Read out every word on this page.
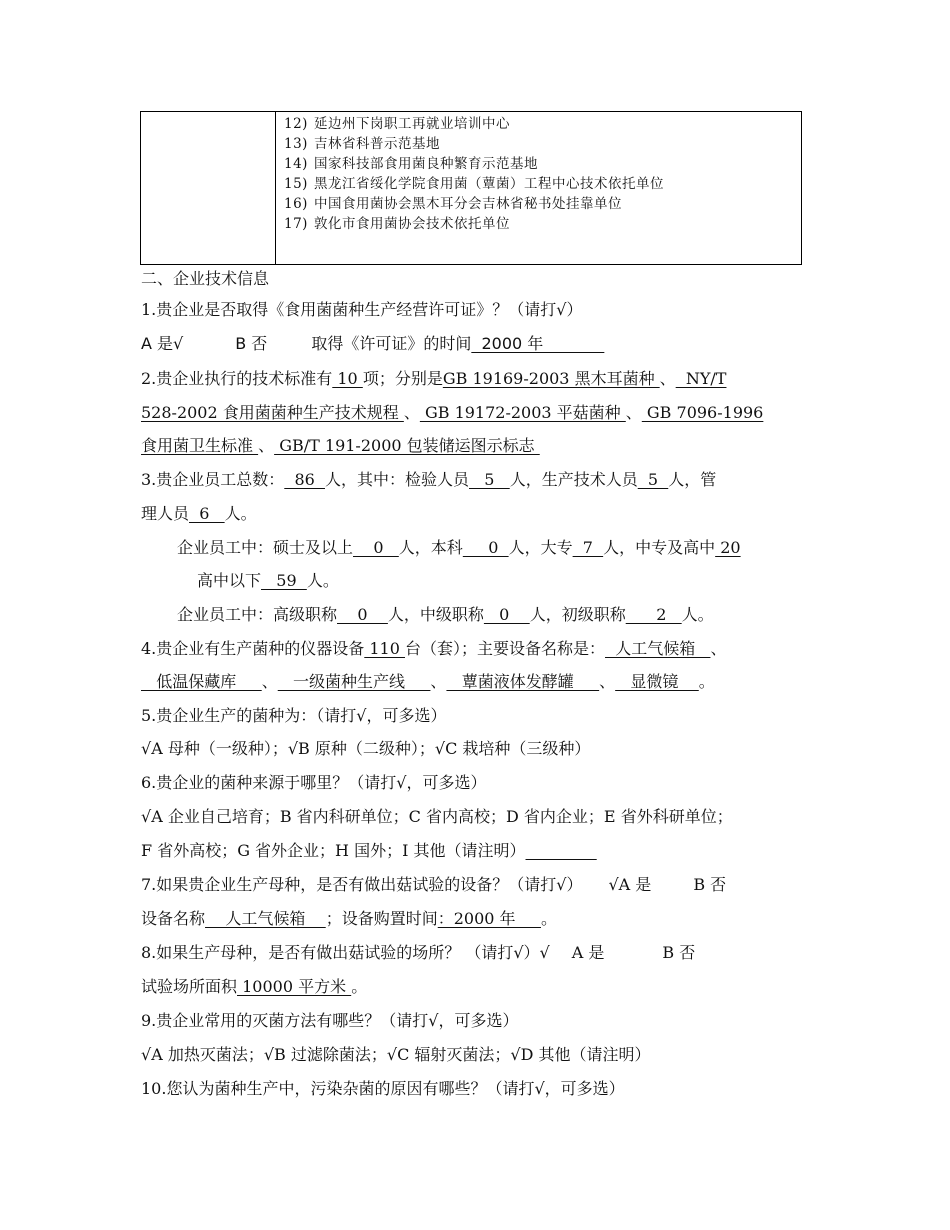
12) 延边州下岗职工再就业培训中心
13) 吉林省科普示范基地
14) 国家科技部食用菌良种繁育示范基地
15) 黑龙江省绥化学院食用菌（蕈菌）工程中心技术依托单位
16) 中国食用菌协会黑木耳分会吉林省秘书处挂靠单位
17) 敦化市食用菌协会技术依托单位
二、企业技术信息
1.贵企业是否取得《食用菌菌种生产经营许可证》？（请打√）
A 是√	B 否	取得《许可证》的时间  2000 年
2.贵企业执行的技术标准有 10 项；分别是GB 19169-2003 黑木耳菌种 、  NY/T
528-2002 食用菌菌种生产技术规程 、 GB 19172-2003 平菇菌种 、 GB 7096-1996
食用菌卫生标准 、 GB/T 191-2000 包装储运图示标志
3.贵企业员工总数：  86  人，其中：检验人员   5   人，生产技术人员  5  人，管
理人员  6   人。
企业员工中：硕士及以上    0   人，本科     0  人，大专  7  人，中专及高中 20
高中以下   59  人。
企业员工中：高级职称    0    人，中级职称   0    人，初级职称      2   人。
4.贵企业有生产菌种的仪器设备 110 台（套）；主要设备名称是：  人工气候箱   、
低温保藏库     、   一级菌种生产线     、   蕈菌液体发酵罐     、   显微镜    。
5.贵企业生产的菌种为：（请打√，可多选）
√A 母种（一级种）；√B 原种（二级种）；√C 栽培种（三级种）
6.贵企业的菌种来源于哪里？（请打√，可多选）
√A 企业自己培育；B 省内科研单位；C 省内高校；D 省内企业；E 省外科研单位；
F 省外高校；G 省外企业；H 国外；I 其他（请注明）
7.如果贵企业生产母种，是否有做出菇试验的设备？（请打√） √A 是	B 否
设备名称    人工气候箱    ；设备购置时间：2000 年     。
8.如果生产母种，是否有做出菇试验的场所？ （请打√）√ A 是	B 否
试验场所面积 10000 平方米 。
9.贵企业常用的灭菌方法有哪些？（请打√，可多选）
√A 加热灭菌法；√B 过滤除菌法；√C 辐射灭菌法；√D 其他（请注明）
10.您认为菌种生产中，污染杂菌的原因有哪些？（请打√，可多选）
